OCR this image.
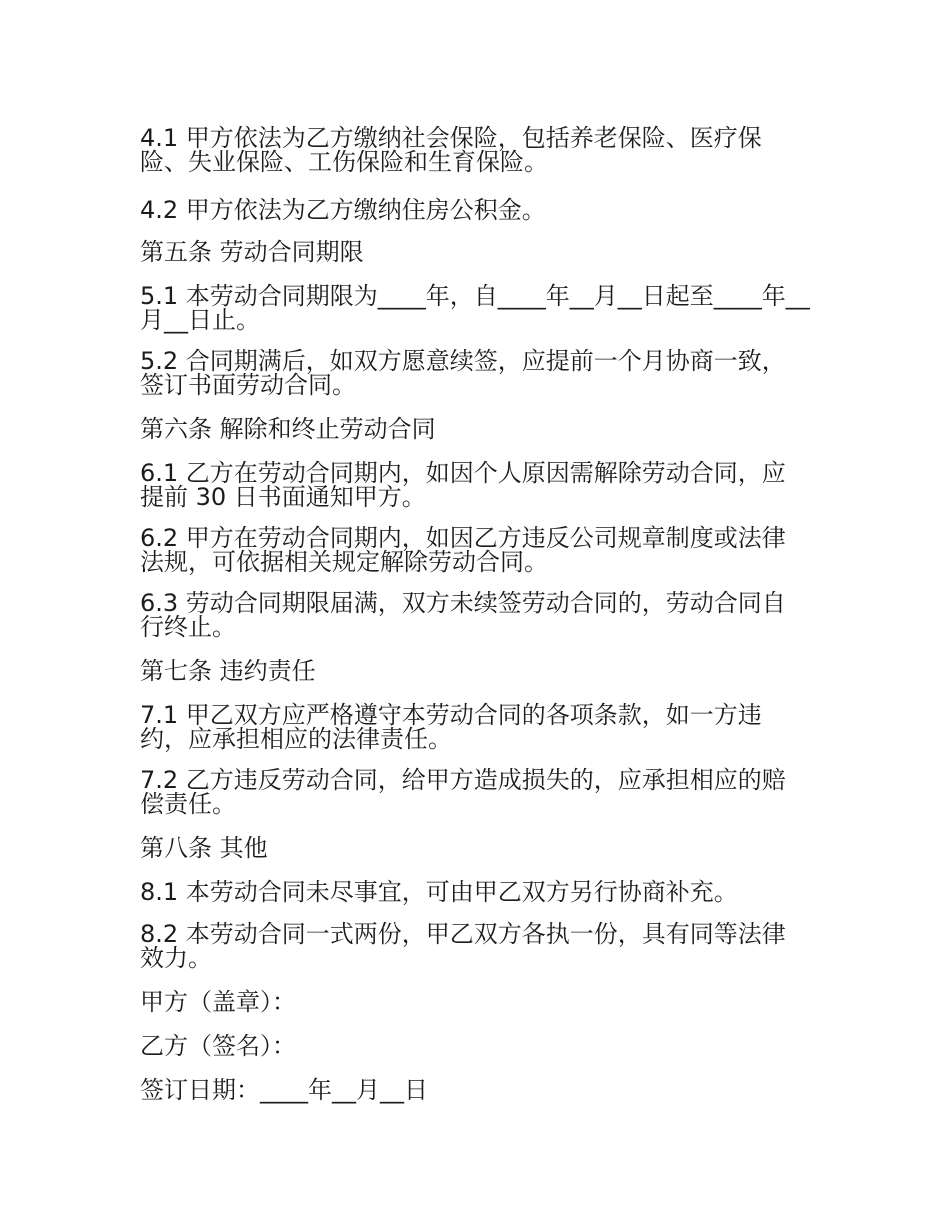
4.1 甲方依法为乙方缴纳社会保险，包括养老保险、医疗保
险、失业保险、工伤保险和生育保险。
4.2 甲方依法为乙方缴纳住房公积金。
第五条 劳动合同期限
5.1 本劳动合同期限为____年，自____年__月__日起至____年__
月__日止。
5.2 合同期满后，如双方愿意续签，应提前一个月协商一致，
签订书面劳动合同。
第六条 解除和终止劳动合同
6.1 乙方在劳动合同期内，如因个人原因需解除劳动合同，应
提前 30 日书面通知甲方。
6.2 甲方在劳动合同期内，如因乙方违反公司规章制度或法律
法规，可依据相关规定解除劳动合同。
6.3 劳动合同期限届满，双方未续签劳动合同的，劳动合同自
行终止。
第七条 违约责任
7.1 甲乙双方应严格遵守本劳动合同的各项条款，如一方违
约，应承担相应的法律责任。
7.2 乙方违反劳动合同，给甲方造成损失的，应承担相应的赔
偿责任。
第八条 其他
8.1 本劳动合同未尽事宜，可由甲乙双方另行协商补充。
8.2 本劳动合同一式两份，甲乙双方各执一份，具有同等法律
效力。
甲方（盖章）：
乙方（签名）：
签订日期：____年__月__日
